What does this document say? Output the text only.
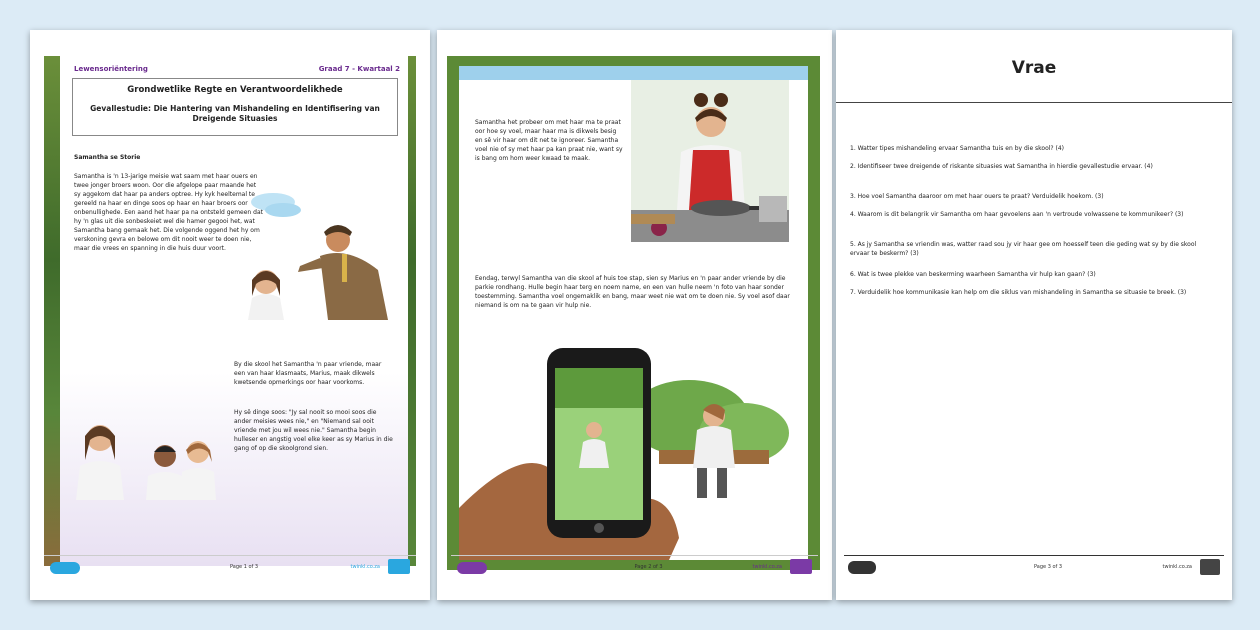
Lewensoriëntering	Graad 7 - Kwartaal 2
Grondwetlike Regte en Verantwoordelikhede
Gevallestudie: Die Hantering van Mishandeling en Identifisering van Dreigende Situasies
Samantha se Storie
Samantha is 'n 13-jarige meisie wat saam met haar ouers en twee jonger broers woon. Oor die afgelope paar maande het sy aggekom dat haar pa anders optree. Hy kyk heeltemal te gereeld na haar en dinge soos op haar en haar broers oor onbenullighede. Een aand het haar pa na ontsteld gemeen dat hy 'n glas uit die sonbeskeiet wel die hamer gegooi het, wat Samantha bang gemaak het. Die volgende oggend het hy om verskoning gevra en belowe om dit nooit weer te doen nie, maar die vrees en spanning in die huis duur voort.
By die skool het Samantha 'n paar vriende, maar een van haar klasmaats, Marius, maak dikwels kwetsende opmerkings oor haar voorkoms.
Hy sê dinge soos: "Jy sal nooit so mooi soos die ander meisies wees nie," en "Niemand sal ooit vriende met jou wil wees nie." Samantha begin hulleser en angstig voel elke keer as sy Marius in die gang of op die skoolgrond sien.
Page 1 of 3	twinkl.co.za
Samantha het probeer om met haar ma te praat oor hoe sy voel, maar haar ma is dikwels besig en sê vir haar om dit net te ignoreer. Samantha voel nie of sy met haar pa kan praat nie, want sy is bang om hom weer kwaad te maak.
Eendag, terwyl Samantha van die skool af huis toe stap, sien sy Marius en 'n paar ander vriende by die parkie rondhang. Hulle begin haar terg en noem name, en een van hulle neem 'n foto van haar sonder toestemming. Samantha voel ongemaklik en bang, maar weet nie wat om te doen nie. Sy voel asof daar niemand is om na te gaan vir hulp nie.
Page 2 of 3	twinkl.co.za
Vrae
1. Watter tipes mishandeling ervaar Samantha tuis en by die skool? (4)
2. Identifiseer twee dreigende of riskante situasies wat Samantha in hierdie gevallestudie ervaar. (4)
3. Hoe voel Samantha daaroor om met haar ouers te praat? Verduidelik hoekom. (3)
4. Waarom is dit belangrik vir Samantha om haar gevoelens aan 'n vertroude volwassene te kommunikeer? (3)
5. As jy Samantha se vriendin was, watter raad sou jy vir haar gee om hoesself teen die geding wat sy by die skool ervaar te beskerm? (3)
6. Wat is twee plekke van beskerming waarheen Samantha vir hulp kan gaan? (3)
7. Verduidelik hoe kommunikasie kan help om die siklus van mishandeling in Samantha se situasie te breek. (3)
Page 3 of 3	twinkl.co.za
